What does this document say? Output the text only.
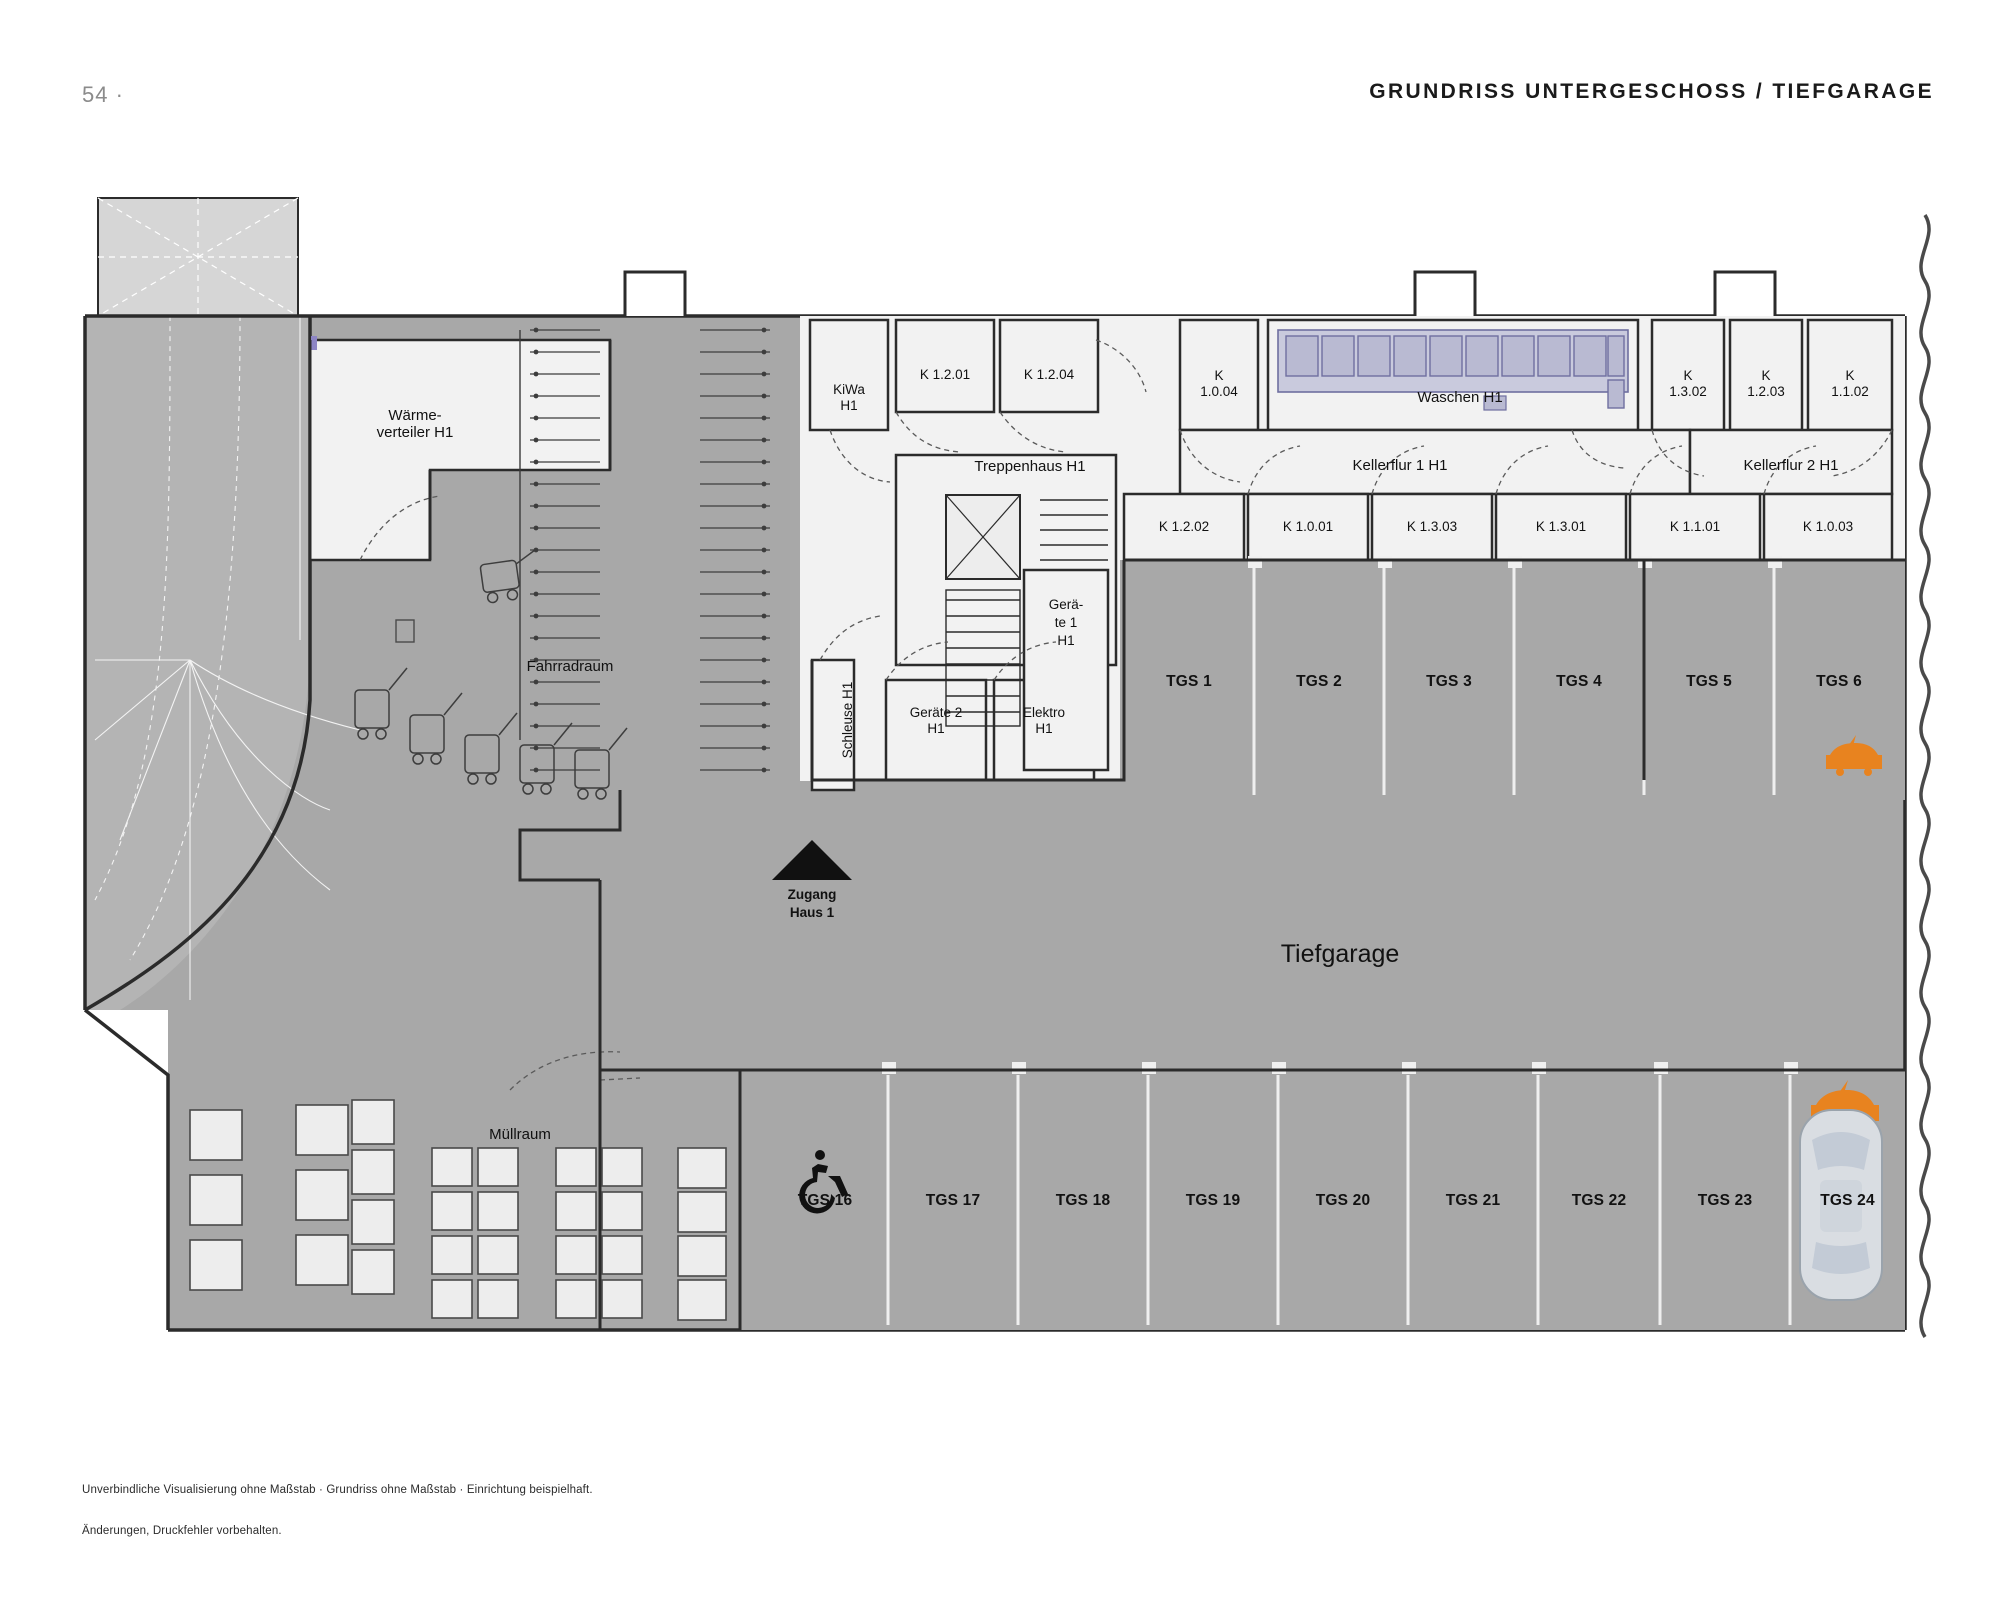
54 ·	GRUNDRISS UNTERGESCHOSS / TIEFGARAGE
Wärme-
verteiler H1
Fahrradraum
Müllraum
KiWa
H1
K 1.2.01	K 1.2.04	K
1.0.04	Waschen H1
K
1.3.02
K
1.2.03
K
1.1.02
Treppenhaus H1	Kellerflur 1 H1	Kellerflur 2 H1
K 1.2.02	K 1.0.01	K 1.3.03	K 1.3.01	K 1.1.01	K 1.0.03
Gerä-
te 1
H1
Schleuse H1	Geräte 2
H1
Elektro
H1
Zugang
Haus 1
Tiefgarage
TGS 1	TGS 2	TGS 3	TGS 4	TGS 5	TGS 6
TGS 16	TGS 17	TGS 18	TGS 19	TGS 20	TGS 21	TGS 22	TGS 23	TGS 24
Unverbindliche Visualisierung ohne Maßstab · Grundriss ohne Maßstab · Einrichtung beispielhaft.
Änderungen, Druckfehler vorbehalten.
